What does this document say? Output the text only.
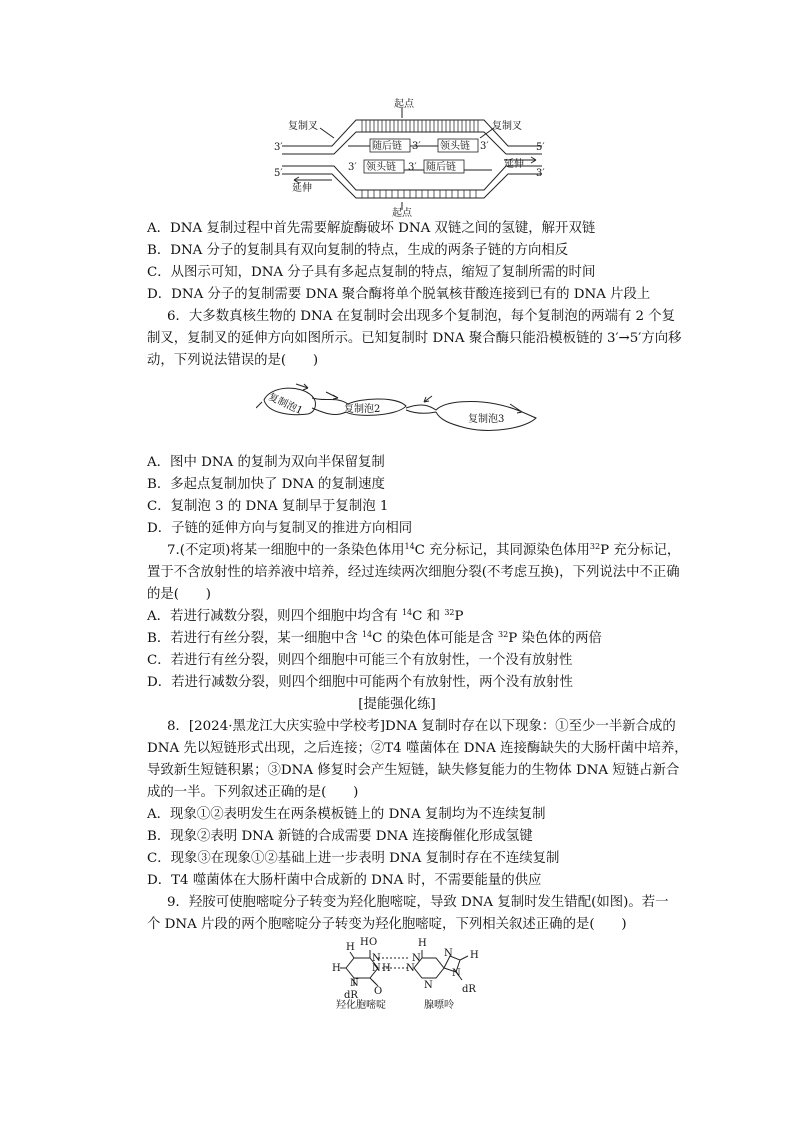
起点
起点
复制叉	复制叉
随后链	领头链
领头链	随后链
延伸
延伸
3′
5′
5′
3′
3′	3′
3′	3′
A．DNA 复制过程中首先需要解旋酶破坏 DNA 双链之间的氢键，解开双链
B．DNA 分子的复制具有双向复制的特点，生成的两条子链的方向相反
C．从图示可知，DNA 分子具有多起点复制的特点，缩短了复制所需的时间
D．DNA 分子的复制需要 DNA 聚合酶将单个脱氧核苷酸连接到已有的 DNA 片段上
6．大多数真核生物的 DNA 在复制时会出现多个复制泡，每个复制泡的两端有 2 个复
制叉，复制叉的延伸方向如图所示。已知复制时 DNA 聚合酶只能沿模板链的 3′→5′方向移
动，下列说法错误的是(　　)
复制泡1	复制泡2
复制泡3
A．图中 DNA 的复制为双向半保留复制
B．多起点复制加快了 DNA 的复制速度
C．复制泡 3 的 DNA 复制早于复制泡 1
D．子链的延伸方向与复制叉的推进方向相同
7.(不定项)将某一细胞中的一条染色体用$^{14}$C 充分标记，其同源染色体用$^{32}$P 充分标记，
置于不含放射性的培养液中培养，经过连续两次细胞分裂(不考虑互换)，下列说法中不正确
的是(　　)
A．若进行减数分裂，则四个细胞中均含有 $^{14}$C 和 $^{32}$P
B．若进行有丝分裂，某一细胞中含 $^{14}$C 的染色体可能是含 $^{32}$P 染色体的两倍
C．若进行有丝分裂，则四个细胞中可能三个有放射性，一个没有放射性
D．若进行减数分裂，则四个细胞中可能两个有放射性，两个没有放射性
[提能强化练]
8．[2024·黑龙江大庆实验中学校考]DNA 复制时存在以下现象：①至少一半新合成的
DNA 先以短链形式出现，之后连接；②T4 噬菌体在 DNA 连接酶缺失的大肠杆菌中培养，
导致新生短链积累；③DNA 修复时会产生短链，缺失修复能力的生物体 DNA 短链占新合
成的一半。下列叙述正确的是(　　)
A．现象①②表明发生在两条模板链上的 DNA 复制均为不连续复制
B．现象②表明 DNA 新链的合成需要 DNA 连接酶催化形成氢键
C．现象③在现象①②基础上进一步表明 DNA 复制时存在不连续复制
D．T4 噬菌体在大肠杆菌中合成新的 DNA 时，不需要能量的供应
9．羟胺可使胞嘧啶分子转变为羟化胞嘧啶，导致 DNA 复制时发生错配(如图)。若一
个 DNA 片段的两个胞嘧啶分子转变为羟化胞嘧啶，下列相关叙述正确的是(　　)
H O
N
H
H	N H
N
dR O
H
N
N
N
N H
N
dR
羟化胞嘧啶	腺嘌呤
